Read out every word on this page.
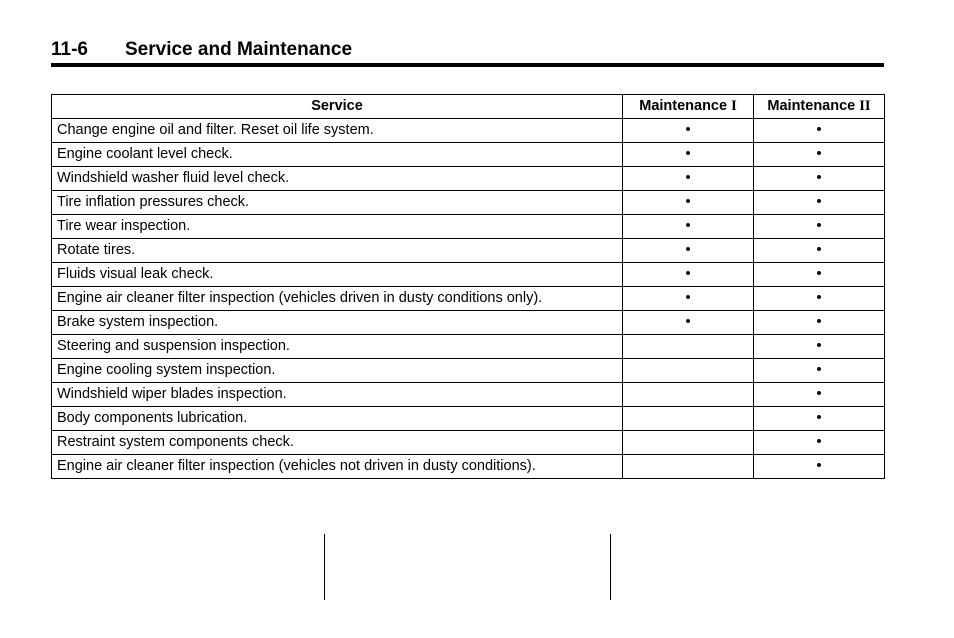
11-6 Service and Maintenance
Service	Maintenance I	Maintenance II
Change engine oil and filter. Reset oil life system.	•	•
Engine coolant level check.	•	•
Windshield washer fluid level check.	•	•
Tire inflation pressures check.	•	•
Tire wear inspection.	•	•
Rotate tires.	•	•
Fluids visual leak check.	•	•
Engine air cleaner filter inspection (vehicles driven in dusty conditions only).	•	•
Brake system inspection.	•	•
Steering and suspension inspection.		•
Engine cooling system inspection.		•
Windshield wiper blades inspection.		•
Body components lubrication.		•
Restraint system components check.		•
Engine air cleaner filter inspection (vehicles not driven in dusty conditions).		•
